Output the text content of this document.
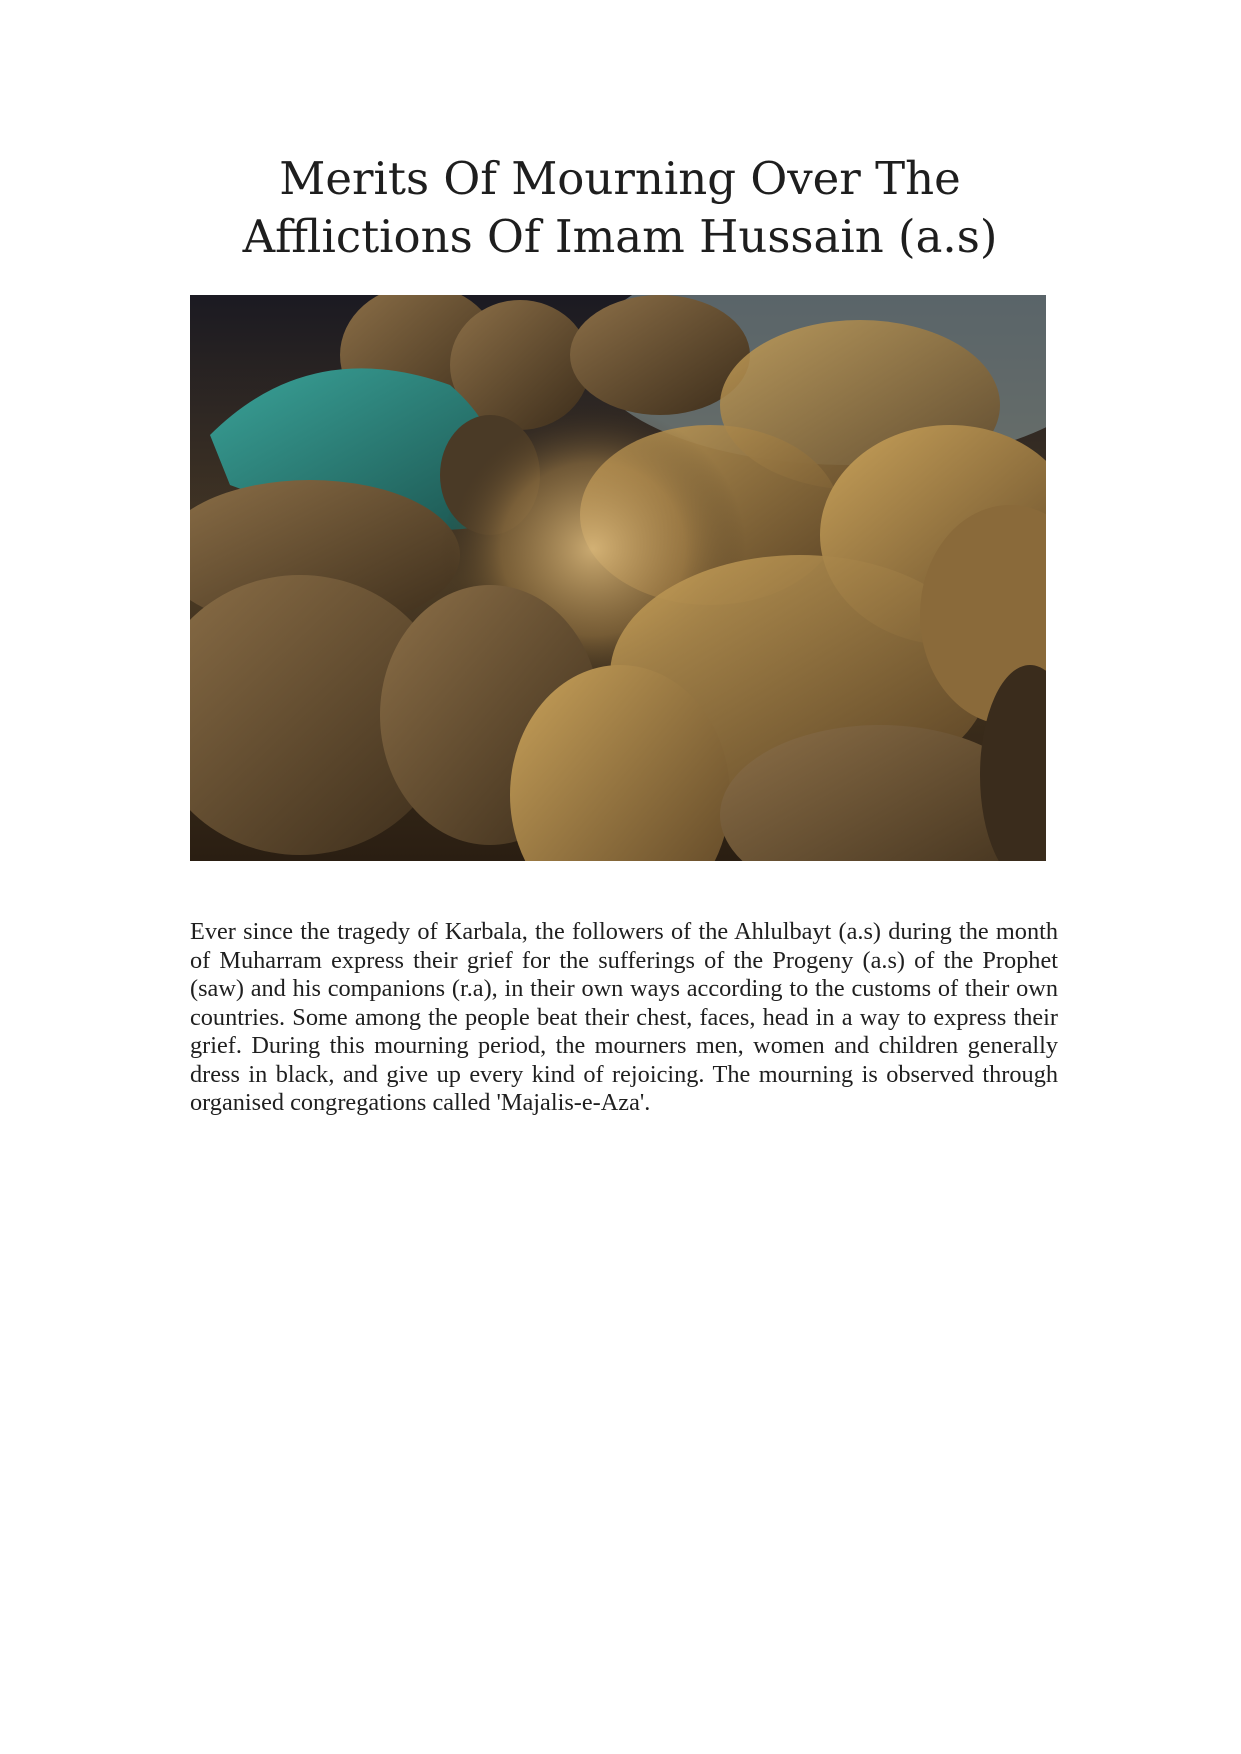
Merits Of Mourning Over The
Afflictions Of Imam Hussain (a.s)

Ever since the tragedy of Karbala, the followers of the Ahlulbayt (a.s) during the month of Muharram express their grief for the sufferings of the Progeny (a.s) of the Prophet (saw) and his companions (r.a), in their own ways according to the customs of their own countries. Some among the people beat their chest, faces, head in a way to express their grief. During this mourning period, the mourners men, women and children generally dress in black, and give up every kind of rejoicing. The mourning is observed through organised congregations called 'Majalis-e-Aza'.
